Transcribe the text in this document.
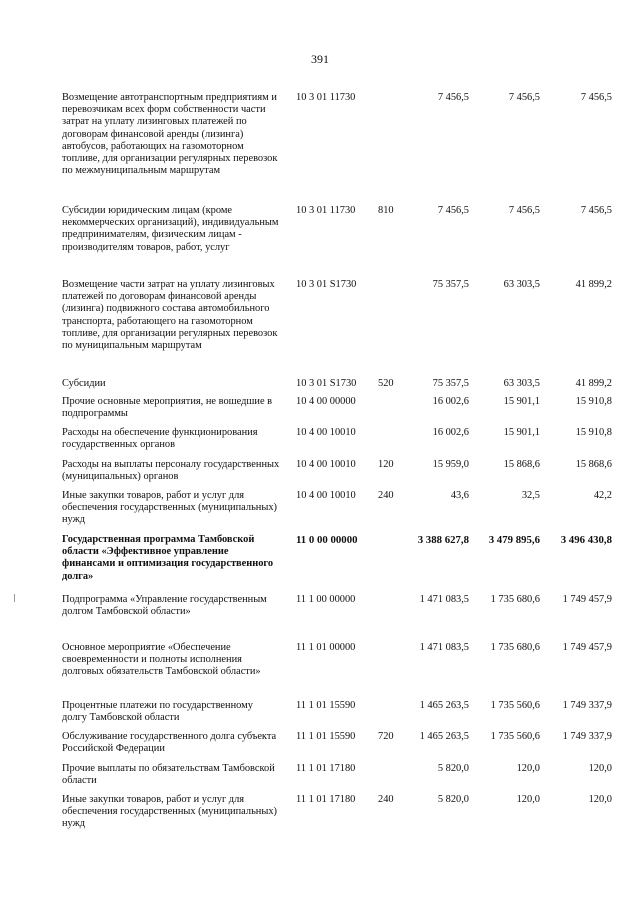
391
Возмещение автотранспортным предприятиям и перевозчикам всех форм собственности части затрат на уплату лизинговых платежей по договорам финансовой аренды (лизинга) автобусов, работающих на газомоторном топливе, для организации регулярных перевозок по межмуниципальным маршрутам
10 3 01 11730	7 456,5	7 456,5	7 456,5
Субсидии юридическим лицам (кроме некоммерческих организаций), индивидуальным предпринимателям, физическим лицам - производителям товаров, работ, услуг
10 3 01 11730 810	7 456,5	7 456,5	7 456,5
Возмещение части затрат на уплату лизинговых платежей по договорам финансовой аренды (лизинга) подвижного состава автомобильного транспорта, работающего на газомоторном топливе, для организации регулярных перевозок по муниципальным маршрутам
10 3 01 S1730	75 357,5	63 303,5	41 899,2
Субсидии	10 3 01 S1730 520	75 357,5	63 303,5	41 899,2
Прочие основные мероприятия, не вошедшие в подпрограммы
10 4 00 00000	16 002,6	15 901,1	15 910,8
Расходы на обеспечение функционирования государственных органов
10 4 00 10010	16 002,6	15 901,1	15 910,8
Расходы на выплаты персоналу государственных (муниципальных) органов
10 4 00 10010 120	15 959,0	15 868,6	15 868,6
Иные закупки товаров, работ и услуг для обеспечения государственных (муниципальных) нужд
10 4 00 10010 240	43,6	32,5	42,2
Государственная программа Тамбовской области «Эффективное управление финансами и оптимизация государственного долга»
11 0 00 00000	3 388 627,8	3 479 895,6	3 496 430,8
Подпрограмма «Управление государственным долгом Тамбовской области»
11 1 00 00000	1 471 083,5	1 735 680,6	1 749 457,9
Основное мероприятие «Обеспечение своевременности и полноты исполнения долговых обязательств Тамбовской области»
11 1 01 00000	1 471 083,5	1 735 680,6	1 749 457,9
Процентные платежи по государственному долгу Тамбовской области
11 1 01 15590	1 465 263,5	1 735 560,6	1 749 337,9
Обслуживание государственного долга субъекта Российской Федерации
11 1 01 15590 720	1 465 263,5	1 735 560,6	1 749 337,9
Прочие выплаты по обязательствам Тамбовской области
11 1 01 17180	5 820,0	120,0	120,0
Иные закупки товаров, работ и услуг для обеспечения государственных (муниципальных) нужд
11 1 01 17180 240	5 820,0	120,0	120,0
